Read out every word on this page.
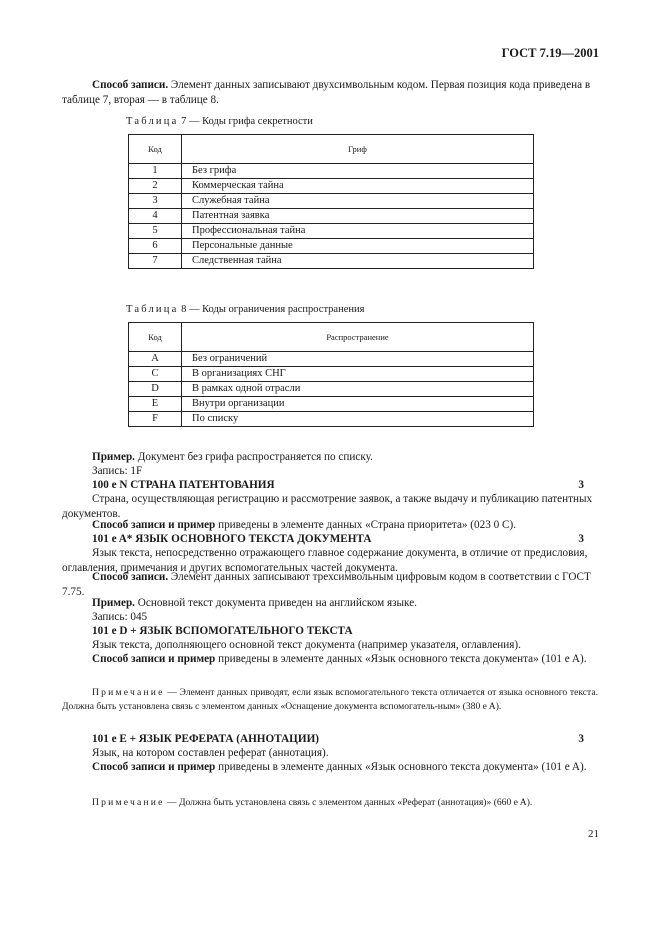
ГОСТ 7.19—2001

Способ записи. Элемент данных записывают двухсимвольным кодом. Первая позиция кода приведена в таблице 7, вторая — в таблице 8.

Таблица 7 — Коды грифа секретности
Код	Гриф
1	Без грифа
2	Коммерческая тайна
3	Служебная тайна
4	Патентная заявка
5	Профессиональная тайна
6	Персональные данные
7	Следственная тайна
Таблица 8 — Коды ограничения распространения
Код	Распространение
A	Без ограничений
C	В организациях СНГ
D	В рамках одной отрасли
E	Внутри организации
F	По списку

Пример. Документ без грифа распространяется по списку.

Запись: 1F

100 e N СТРАНА ПАТЕНТОВАНИЯ	3

Страна, осуществляющая регистрацию и рассмотрение заявок, а также выдачу и публикацию патентных документов.

Способ записи и пример приведены в элементе данных «Страна приоритета» (023 0 C).

101 e A* ЯЗЫК ОСНОВНОГО ТЕКСТА ДОКУМЕНТА	3

Язык текста, непосредственно отражающего главное содержание документа, в отличие от предисловия, оглавления, примечания и других вспомогательных частей документа.

Способ записи. Элемент данных записывают трехсимвольным цифровым кодом в соответствии с ГОСТ 7.75.

Пример. Основной текст документа приведен на английском языке.

Запись: 045

101 e D + ЯЗЫК ВСПОМОГАТЕЛЬНОГО ТЕКСТА

Язык текста, дополняющего основной текст документа (например указателя, оглавления).

Способ записи и пример приведены в элементе данных «Язык основного текста документа» (101 e A).

Примечание — Элемент данных приводят, если язык вспомогательного текста отличается от языка основного текста. Должна быть установлена связь с элементом данных «Оснащение документа вспомогатель-ным» (380 e A).

101 e E + ЯЗЫК РЕФЕРАТА (АННОТАЦИИ)	3

Язык, на котором составлен реферат (аннотация).

Способ записи и пример приведены в элементе данных «Язык основного текста документа» (101 e A).

Примечание — Должна быть установлена связь с элементом данных «Реферат (аннотация)» (660 e A).

21
